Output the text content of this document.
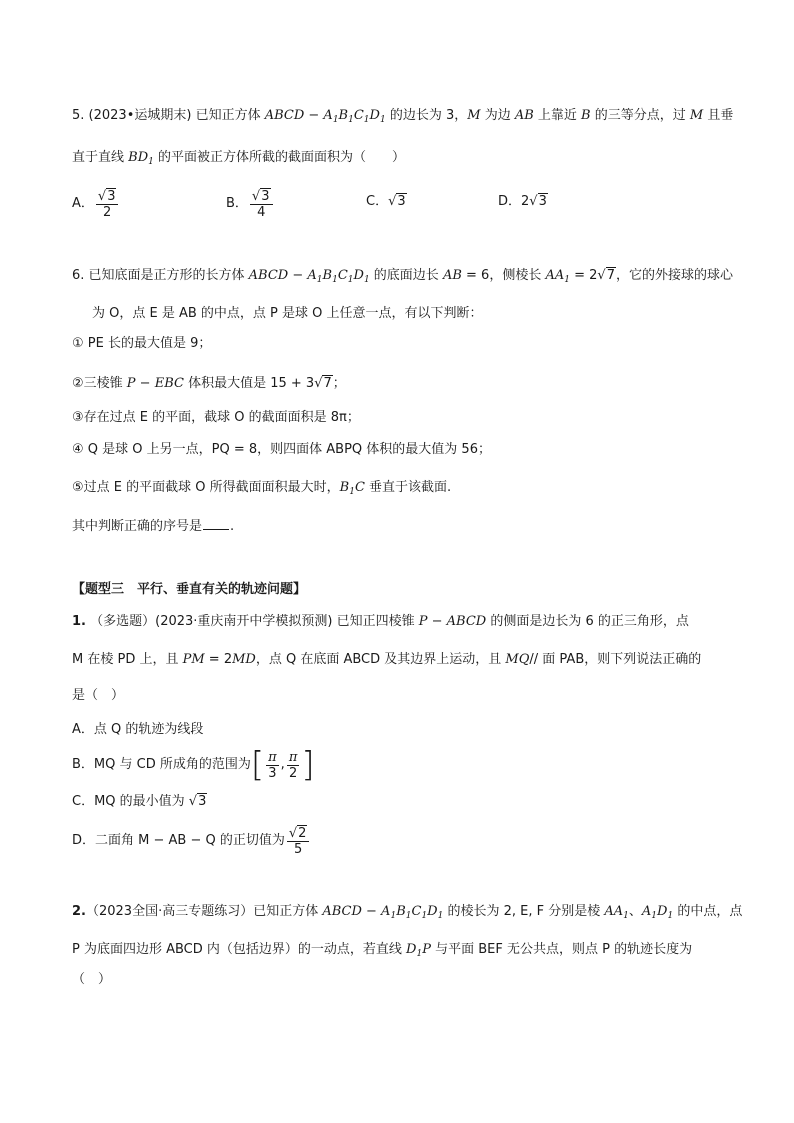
5. (2023•运城期末) 已知正方体 ABCD − $A_1B_1C_1D_1$ 的边长为 3，M 为边 AB 上靠近 B 的三等分点，过 M 且垂
直于直线 $BD_1$ 的平面被正方体所截的截面面积为（　　）
A． $\frac{√3}{2}$	B． $\frac{√3}{4}$	C．√3	D．2√3
6. 已知底面是正方形的长方体 ABCD − $A_1B_1C_1D_1$ 的底面边长 AB = 6，侧棱长 $AA_1 = 2√7$，它的外接球的球心
为 O，点 E 是 AB 的中点，点 P 是球 O 上任意一点，有以下判断：
① PE 长的最大值是 9；
②三棱锥 P − EBC 体积最大值是 15 + 3√7；
③存在过点 E 的平面，截球 O 的截面面积是 8π；
④ Q 是球 O 上另一点，PQ = 8，则四面体 ABPQ 体积的最大值为 56；
⑤过点 E 的平面截球 O 所得截面面积最大时，$B_1C$ 垂直于该截面.
其中判断正确的序号是 .
【题型三　平行、垂直有关的轨迹问题】
1. （多选题）(2023·重庆南开中学模拟预测) 已知正四棱锥 P − ABCD 的侧面是边长为 6 的正三角形，点
M 在棱 PD 上，且 PM = 2MD，点 Q 在底面 ABCD 及其边界上运动，且 MQ// 面 PAB，则下列说法正确的
是（　）
A．点 Q 的轨迹为线段
B．MQ 与 CD 所成角的范围为 [ $\frac{\pi}{3}$ , $\frac{\pi}{2}$ ]
C．MQ 的最小值为 √3
D．二面角 M − AB − Q 的正切值为 $\frac{√2}{5}$
2.（2023全国·高三专题练习）已知正方体 ABCD − $A_1B_1C_1D_1$ 的棱长为 2, E, F 分别是棱 $AA_1$、$A_1D_1$ 的中点，点
P 为底面四边形 ABCD 内（包括边界）的一动点，若直线 $D_1P$ 与平面 BEF 无公共点，则点 P 的轨迹长度为
（　）
